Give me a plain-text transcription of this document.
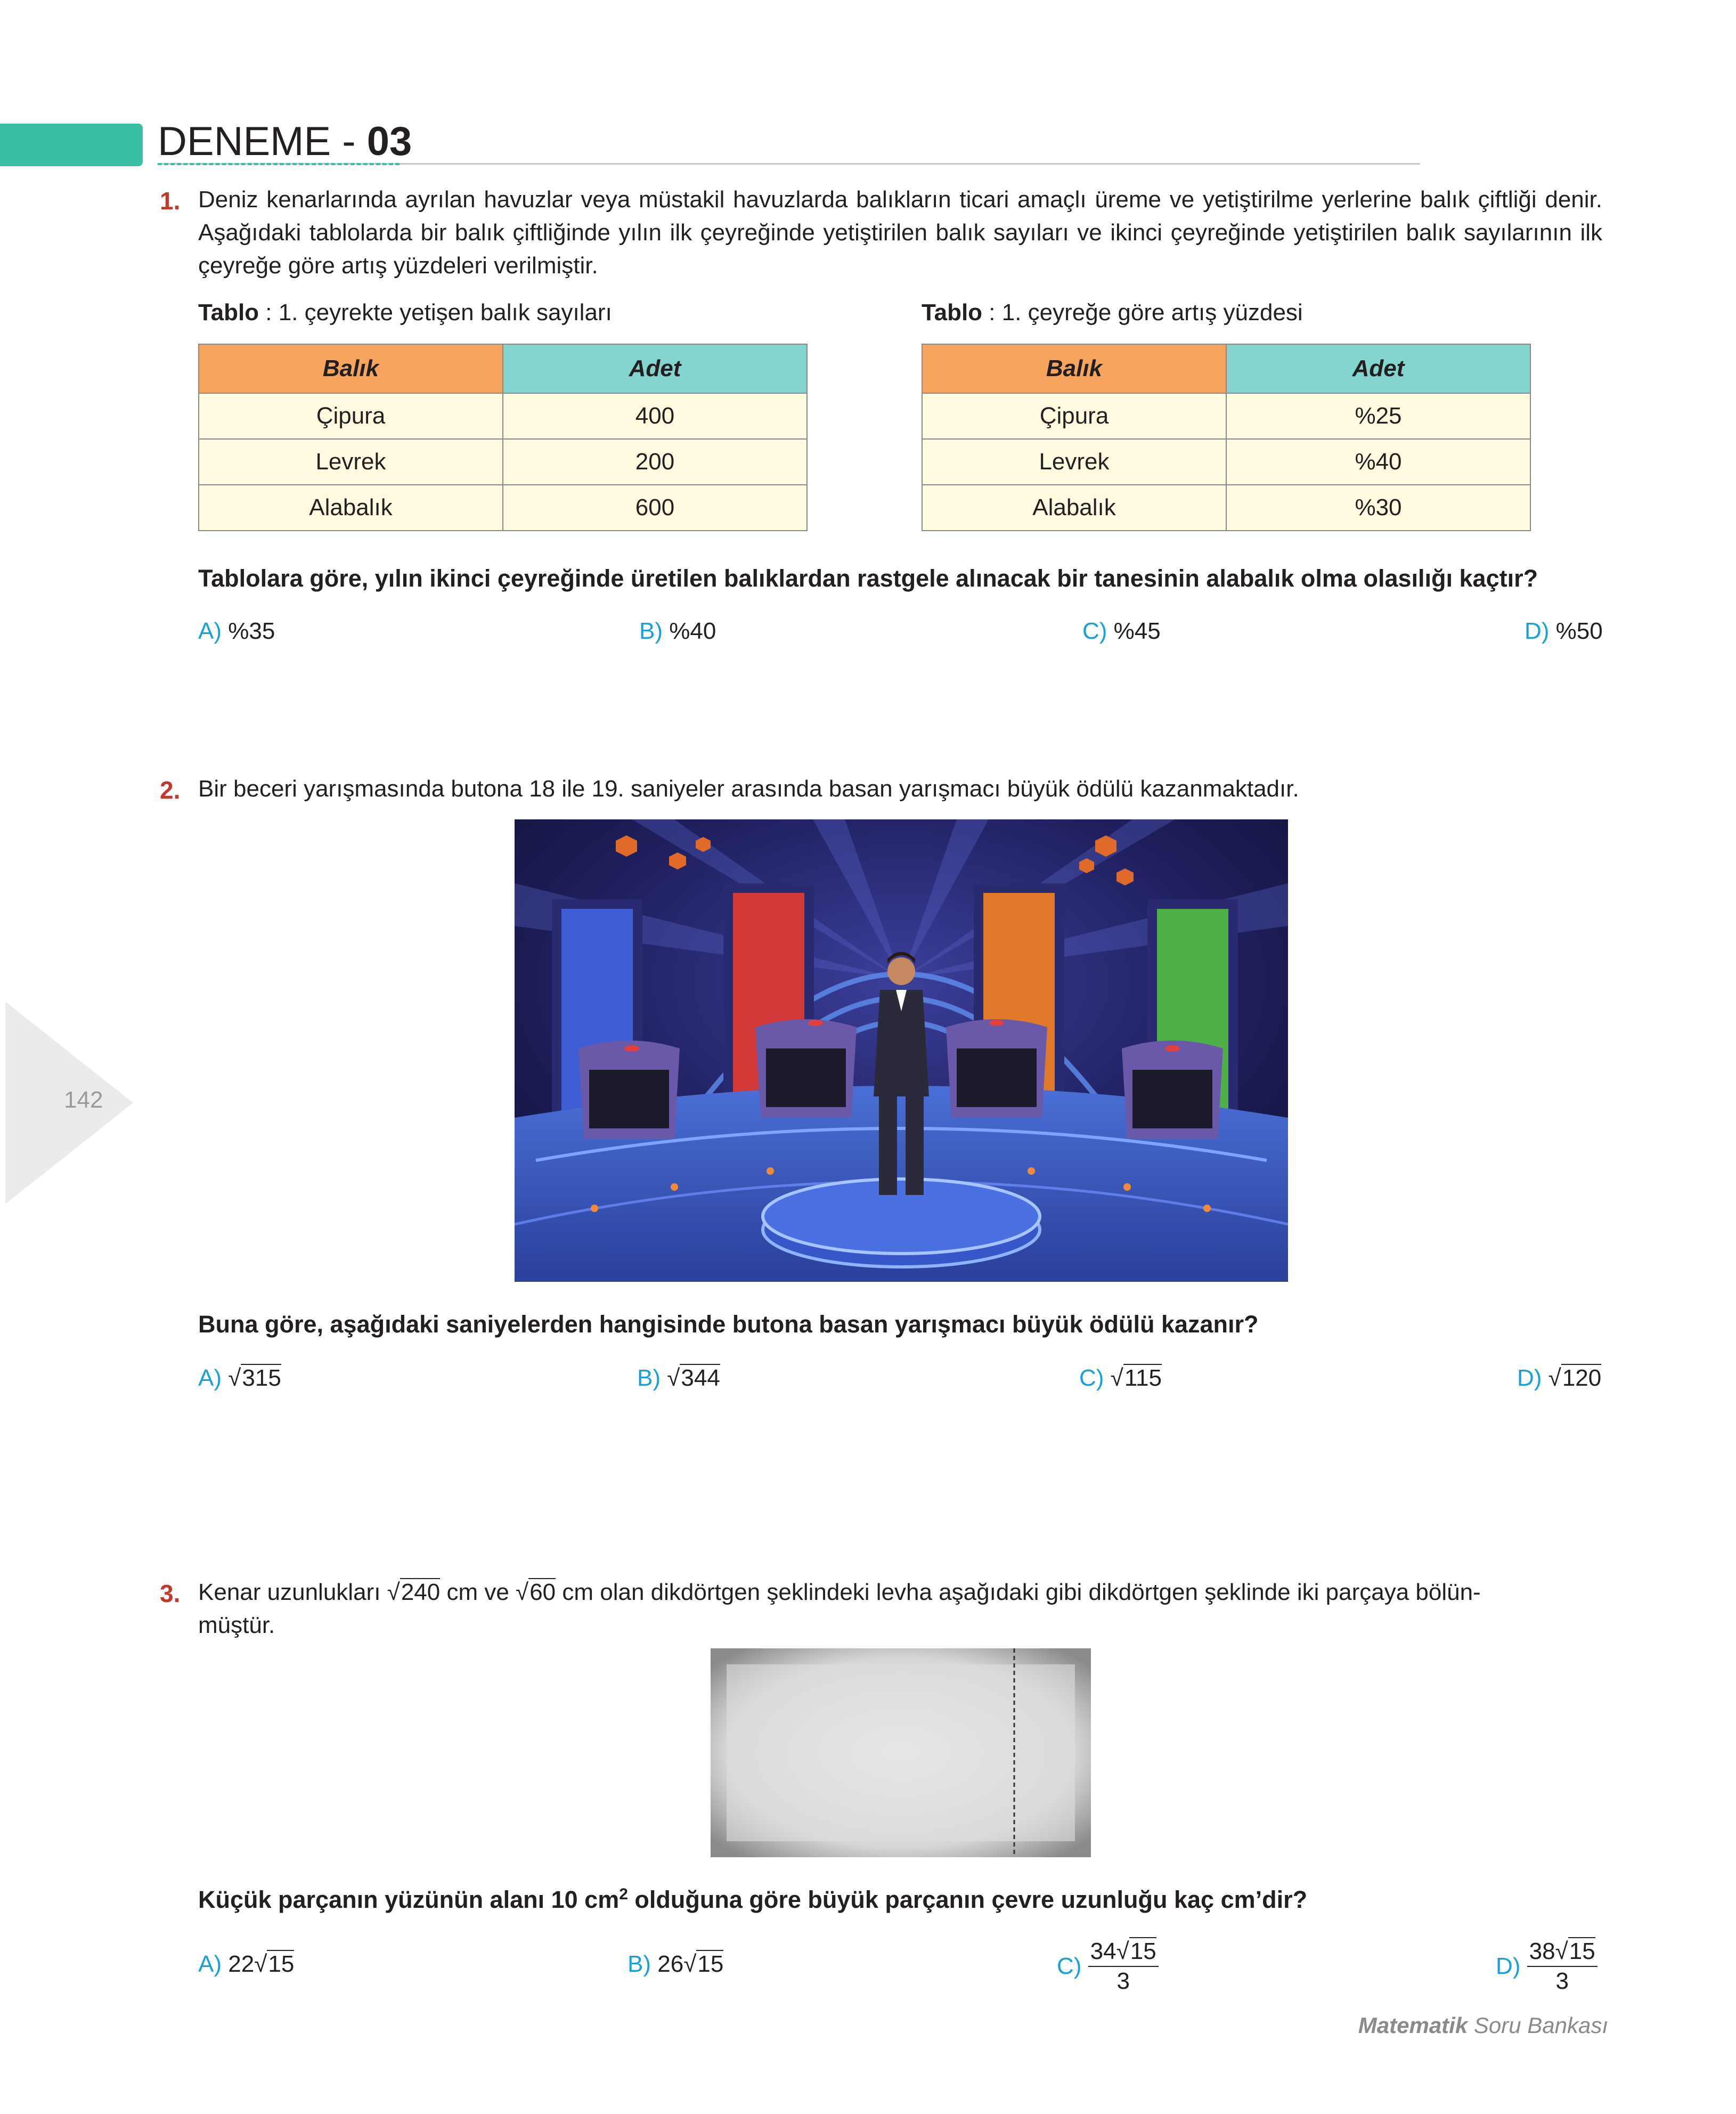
DENEME - 03
142
1. Deniz kenarlarında ayrılan havuzlar veya müstakil havuzlarda balıkların ticari amaçlı üreme ve yetiştirilme yerlerine balık çiftliği denir. Aşağıdaki tablolarda bir balık çiftliğinde yılın ilk çeyreğinde yetiştirilen balık sayıları ve ikinci çeyreğinde yetiştirilen balık sayılarının ilk çeyreğe göre artış yüzdeleri verilmiştir.
Tablo : 1. çeyrekte yetişen balık sayıları
Balık	Adet
Çipura	400
Levrek	200
Alabalık	600
Tablo : 1. çeyreğe göre artış yüzdesi
Balık	Adet
Çipura	%25
Levrek	%40
Alabalık	%30
Tablolara göre, yılın ikinci çeyreğinde üretilen balıklardan rastgele alınacak bir tanesinin alabalık olma olasılığı kaçtır?
A) %35	B) %40	C) %45	D) %50
2. Bir beceri yarışmasında butona 18 ile 19. saniyeler arasında basan yarışmacı büyük ödülü kazanmaktadır.
Buna göre, aşağıdaki saniyelerden hangisinde butona basan yarışmacı büyük ödülü kazanır?
A) √315	B) √344	C) √115	D) √120
3. Kenar uzunlukları √240 cm ve √60 cm olan dikdörtgen şeklindeki levha aşağıdaki gibi dikdörtgen şeklinde iki parçaya bölün-
müştür.
Küçük parçanın yüzünün alanı 10 $cm^2$ olduğuna göre büyük parçanın çevre uzunluğu kaç cm’dir?
A) 22√15	B) 26√15	$C) \frac{34√15}{3}$	$D) \frac{38√15}{3}$
Matematik Soru Bankası
